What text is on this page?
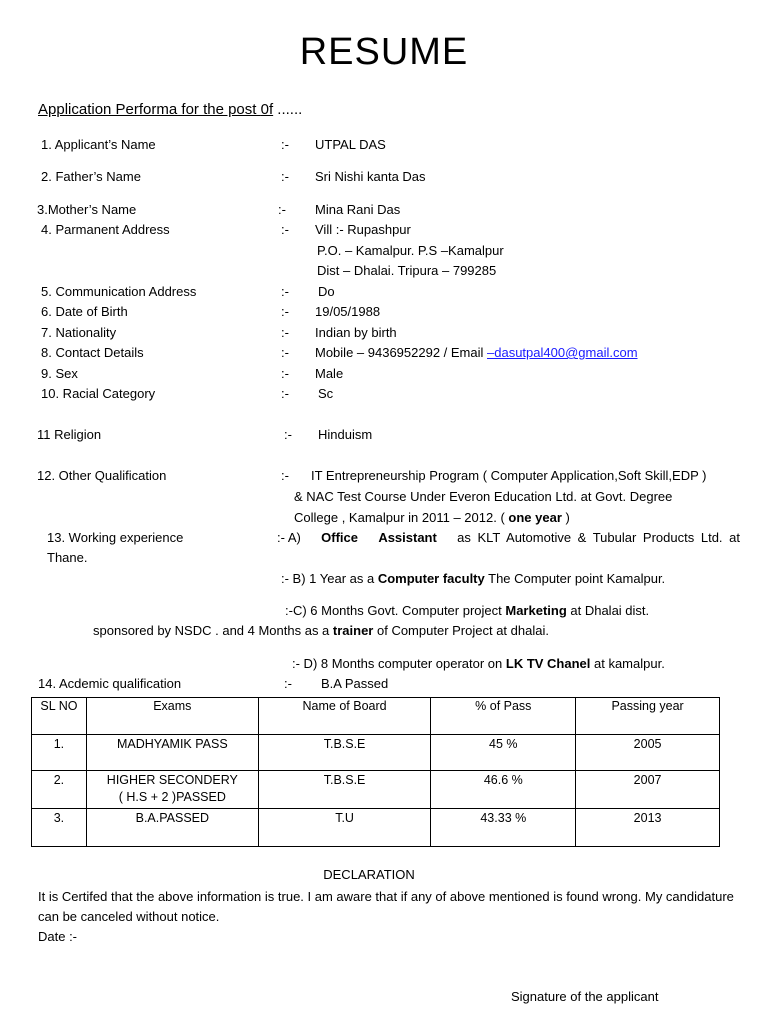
RESUME
Application Performa for the post 0f ......
1. Applicant’s Name	:- UTPAL DAS
2. Father’s Name	:- Sri Nishi kanta Das
3.Mother’s Name	:- Mina Rani Das
4. Parmanent Address	:- Vill :- Rupashpur
P.O. – Kamalpur. P.S –Kamalpur
Dist – Dhalai. Tripura – 799285
5. Communication Address	:- Do
6. Date of Birth	:- 19/05/1988
7. Nationality	:- Indian by birth
8. Contact Details	:- Mobile – 9436952292 / Email –dasutpal400@gmail.com
9. Sex	:- Male
10. Racial Category	:- Sc
11 Religion	:- Hinduism
12. Other Qualification	:- IT Entrepreneurship Program ( Computer Application,Soft Skill,EDP )
& NAC Test Course Under Everon Education Ltd. at Govt. Degree
College , Kamalpur in 2011 – 2012. ( one year )
13. Working experience
Thane.
:- A) Office Assistant as KLT Automotive & Tubular Products Ltd. at
:- B) 1 Year as a Computer faculty The Computer point Kamalpur.
:-C) 6 Months Govt. Computer project Marketing at Dhalai dist.
sponsored by NSDC . and 4 Months as a trainer of Computer Project at dhalai.
:- D) 8 Months computer operator on LK TV Chanel at kamalpur.
14. Acdemic qualification	:- B.A Passed
SL NO	Exams	Name of Board	% of Pass	Passing year
1.	MADHYAMIK PASS	T.B.S.E	45 %	2005
2.	HIGHER SECONDERY
( H.S + 2 )PASSED	T.B.S.E	46.6 %	2007
3.	B.A.PASSED	T.U	43.33 %	2013
DECLARATION
It is Certifed that the above information is true. I am aware that if any of above mentioned is found wrong. My candidature can be canceled without notice.
Date :-
Signature of the applicant
